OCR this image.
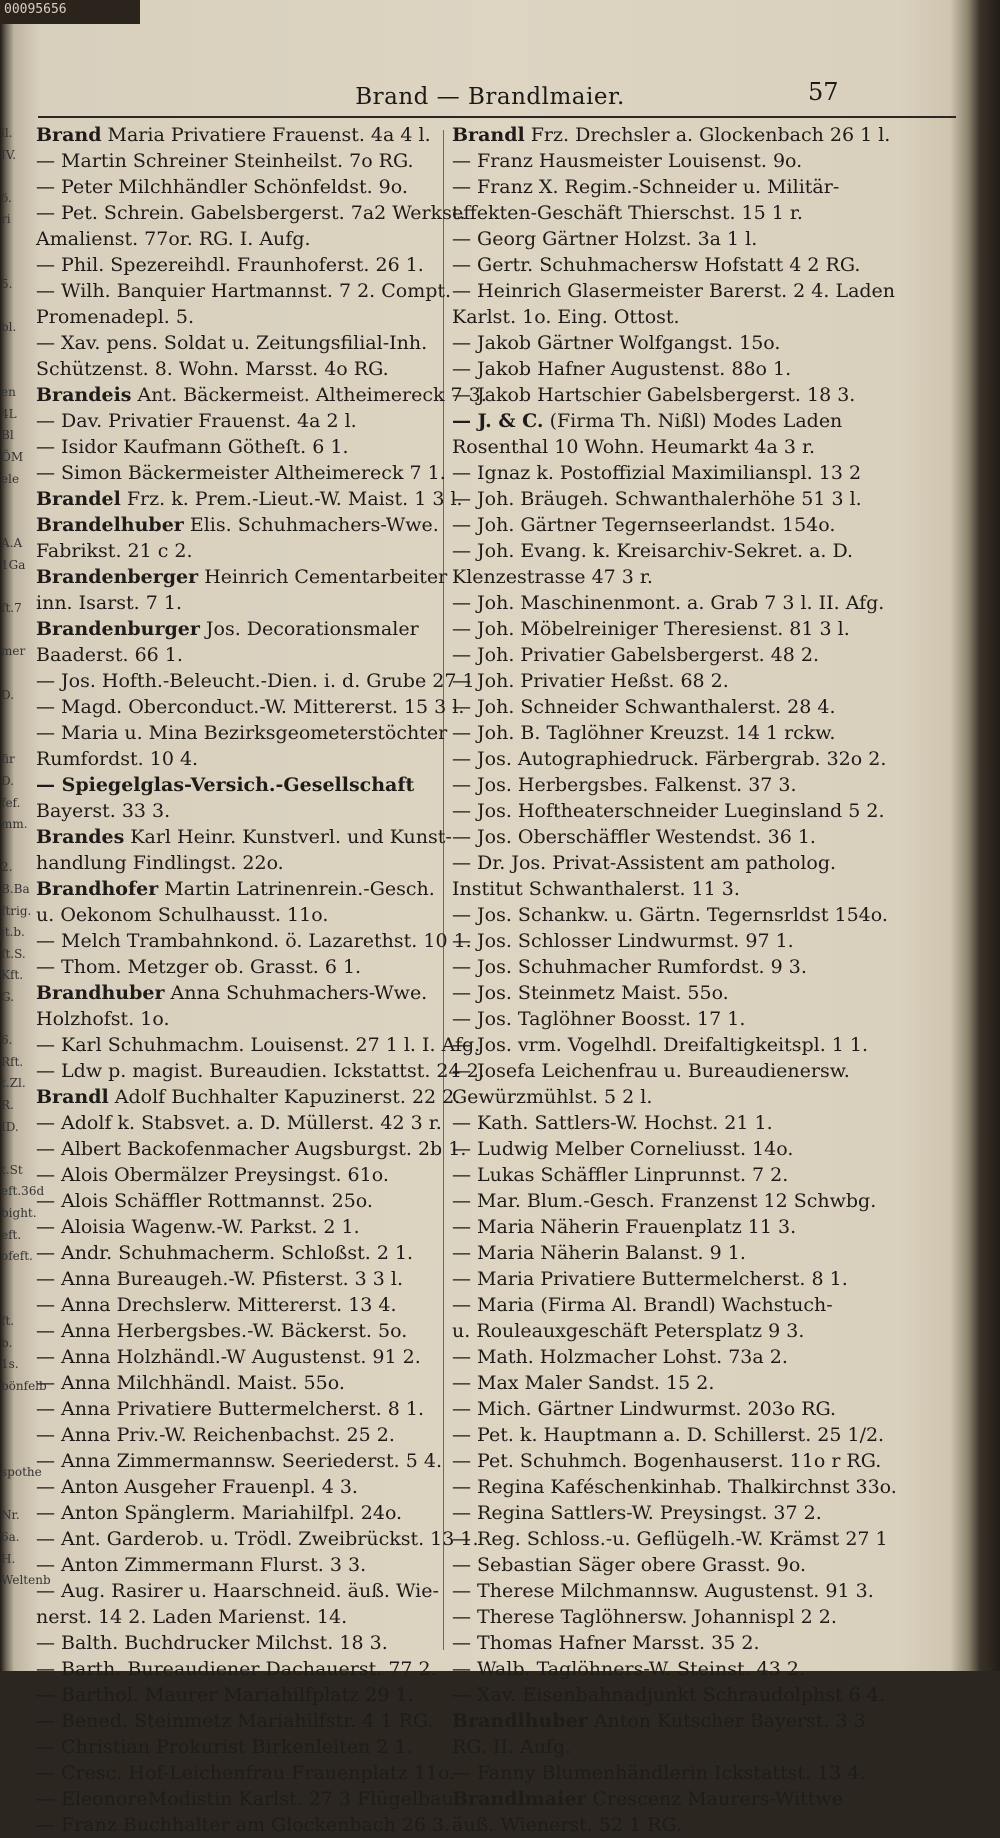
00095656
ll.
IV.
ö.
ri
5.
bl.
en
4L
Bl
ÖM
ele
A.A
1Ga
ft.7
mer
D.
fir
D.
fef.
mm.
2.
B.Ba
ftrig.
jt.b.
ft.S.
Kft.
G.
6.
Rft.
t.Zl.
R.
ID.
t.St
eft.36d
bight.
eft.
ofeft.
ft.
b.
1s.
bönfelb
spothe
Nr.
6a.
H.
Weltenb
Brand — Brandlmaier.	57
Brand Maria Privatiere Frauenst. 4a 4 l.
— Martin Schreiner Steinheilst. 7o RG.
— Peter Milchhändler Schönfeldst. 9o.
— Pet. Schrein. Gabelsbergerst. 7a2 Werkst.
Amalienst. 77or. RG. I. Aufg.
— Phil. Spezereihdl. Fraunhoferst. 26 1.
— Wilh. Banquier Hartmannst. 7 2. Compt.
Promenadepl. 5.
— Xav. pens. Soldat u. Zeitungsfilial-Inh.
Schützenst. 8. Wohn. Marsst. 4o RG.
Brandeis Ant. Bäckermeist. Altheimereck 7 3.
— Dav. Privatier Frauenst. 4a 2 l.
— Isidor Kaufmann Götheſt. 6 1.
— Simon Bäckermeister Altheimereck 7 1.
Brandel Frz. k. Prem.-Lieut.-W. Maist. 1 3 l.
Brandelhuber Elis. Schuhmachers-Wwe.
Fabrikst. 21 c 2.
Brandenberger Heinrich Cementarbeiter
inn. Isarst. 7 1.
Brandenburger Jos. Decorationsmaler
Baaderst. 66 1.
— Jos. Hofth.-Beleucht.-Dien. i. d. Grube 27 1
— Magd. Oberconduct.-W. Mittererst. 15 3 l.
— Maria u. Mina Bezirksgeometerstöchter
Rumfordst. 10 4.
— Spiegelglas-Versich.-Gesellschaft
Bayerst. 33 3.
Brandes Karl Heinr. Kunstverl. und Kunst-
handlung Findlingst. 22o.
Brandhofer Martin Latrinenrein.-Gesch.
u. Oekonom Schulhausst. 11o.
— Melch Trambahnkond. ö. Lazarethst. 10 1.
— Thom. Metzger ob. Grasst. 6 1.
Brandhuber Anna Schuhmachers-Wwe.
Holzhofst. 1o.
— Karl Schuhmachm. Louisenst. 27 1 l. I. Afg.
— Ldw p. magist. Bureaudien. Ickstattst. 24 2.
Brandl Adolf Buchhalter Kapuzinerst. 22 2.
— Adolf k. Stabsvet. a. D. Müllerst. 42 3 r.
— Albert Backofenmacher Augsburgst. 2b 1.
— Alois Obermälzer Preysingst. 61o.
— Alois Schäffler Rottmannst. 25o.
— Aloisia Wagenw.-W. Parkst. 2 1.
— Andr. Schuhmacherm. Schloßst. 2 1.
— Anna Bureaugeh.-W. Pfisterst. 3 3 l.
— Anna Drechslerw. Mittererst. 13 4.
— Anna Herbergsbes.-W. Bäckerst. 5o.
— Anna Holzhändl.-W Augustenst. 91 2.
— Anna Milchhändl. Maist. 55o.
— Anna Privatiere Buttermelcherst. 8 1.
— Anna Priv.-W. Reichenbachst. 25 2.
— Anna Zimmermannsw. Seeriederst. 5 4.
— Anton Ausgeher Frauenpl. 4 3.
— Anton Spänglerm. Mariahilfpl. 24o.
— Ant. Garderob. u. Trödl. Zweibrückst. 13 1.
— Anton Zimmermann Flurst. 3 3.
— Aug. Rasirer u. Haarschneid. äuß. Wie-
nerst. 14 2. Laden Marienst. 14.
— Balth. Buchdrucker Milchst. 18 3.
— Barth. Bureaudiener Dachauerst. 77 2.
— Barthol. Maurer Mariahilfplatz 29 1.
— Bened. Steinmetz Mariahilfstr. 4 1 RG.
— Christian Prokurist Birkenleiten 2 1.
— Cresc. Hof-Leichenfrau Frauenplatz 11o.
— EleonoreModistin Karlst. 27 3 Flügelbau.
— Franz Buchhalter am Glockenbach 26 3.
Brandl Frz. Drechsler a. Glockenbach 26 1 l.
— Franz Hausmeister Louisenst. 9o.
— Franz X. Regim.-Schneider u. Militär-
effekten-Geschäft Thierschst. 15 1 r.
— Georg Gärtner Holzst. 3a 1 l.
— Gertr. Schuhmachersw Hofstatt 4 2 RG.
— Heinrich Glasermeister Barerst. 2 4. Laden
Karlst. 1o. Eing. Ottost.
— Jakob Gärtner Wolfgangst. 15o.
— Jakob Hafner Augustenst. 88o 1.
— Jakob Hartschier Gabelsbergerst. 18 3.
— J. & C. (Firma Th. Nißl) Modes Laden
Rosenthal 10 Wohn. Heumarkt 4a 3 r.
— Ignaz k. Postoffizial Maximilianspl. 13 2
— Joh. Bräugeh. Schwanthalerhöhe 51 3 l.
— Joh. Gärtner Tegernseerlandst. 154o.
— Joh. Evang. k. Kreisarchiv-Sekret. a. D.
Klenzestrasse 47 3 r.
— Joh. Maschinenmont. a. Grab 7 3 l. II. Afg.
— Joh. Möbelreiniger Theresienst. 81 3 l.
— Joh. Privatier Gabelsbergerst. 48 2.
— Joh. Privatier Heßst. 68 2.
— Joh. Schneider Schwanthalerst. 28 4.
— Joh. B. Taglöhner Kreuzst. 14 1 rckw.
— Jos. Autographiedruck. Färbergrab. 32o 2.
— Jos. Herbergsbes. Falkenst. 37 3.
— Jos. Hoftheaterschneider Lueginsland 5 2.
— Jos. Oberschäffler Westendst. 36 1.
— Dr. Jos. Privat-Assistent am patholog.
Institut Schwanthalerst. 11 3.
— Jos. Schankw. u. Gärtn. Tegernsrldst 154o.
— Jos. Schlosser Lindwurmst. 97 1.
— Jos. Schuhmacher Rumfordst. 9 3.
— Jos. Steinmetz Maist. 55o.
— Jos. Taglöhner Boosst. 17 1.
— Jos. vrm. Vogelhdl. Dreifaltigkeitspl. 1 1.
— Josefa Leichenfrau u. Bureaudienersw.
Gewürzmühlst. 5 2 l.
— Kath. Sattlers-W. Hochst. 21 1.
— Ludwig Melber Corneliusst. 14o.
— Lukas Schäffler Linprunnst. 7 2.
— Mar. Blum.-Gesch. Franzenst 12 Schwbg.
— Maria Näherin Frauenplatz 11 3.
— Maria Näherin Balanst. 9 1.
— Maria Privatiere Buttermelcherst. 8 1.
— Maria (Firma Al. Brandl) Wachstuch-
u. Rouleauxgeschäft Petersplatz 9 3.
— Math. Holzmacher Lohst. 73a 2.
— Max Maler Sandst. 15 2.
— Mich. Gärtner Lindwurmst. 203o RG.
— Pet. k. Hauptmann a. D. Schillerst. 25 1/2.
— Pet. Schuhmch. Bogenhauserst. 11o r RG.
— Regina Kaféschenkinhab. Thalkirchnst 33o.
— Regina Sattlers-W. Preysingst. 37 2.
— Reg. Schloss.-u. Geflügelh.-W. Krämst 27 1
— Sebastian Säger obere Grasst. 9o.
— Therese Milchmannsw. Augustenst. 91 3.
— Therese Taglöhnersw. Johannispl 2 2.
— Thomas Hafner Marsst. 35 2.
— Walb. Taglöhners-W. Steinst. 43 2.
— Xav. Eisenbahnadjunkt Schraudolphst 6 4.
Brandlhuber Anton Kutscher Bayerst. 3 3
RG. II. Aufg.
— Fanny Blumenhändlerin Ickstattst. 13 4.
Brandlmaier Crescenz Maurers-Wittwe
äuß. Wienerst. 52 1 RG.
